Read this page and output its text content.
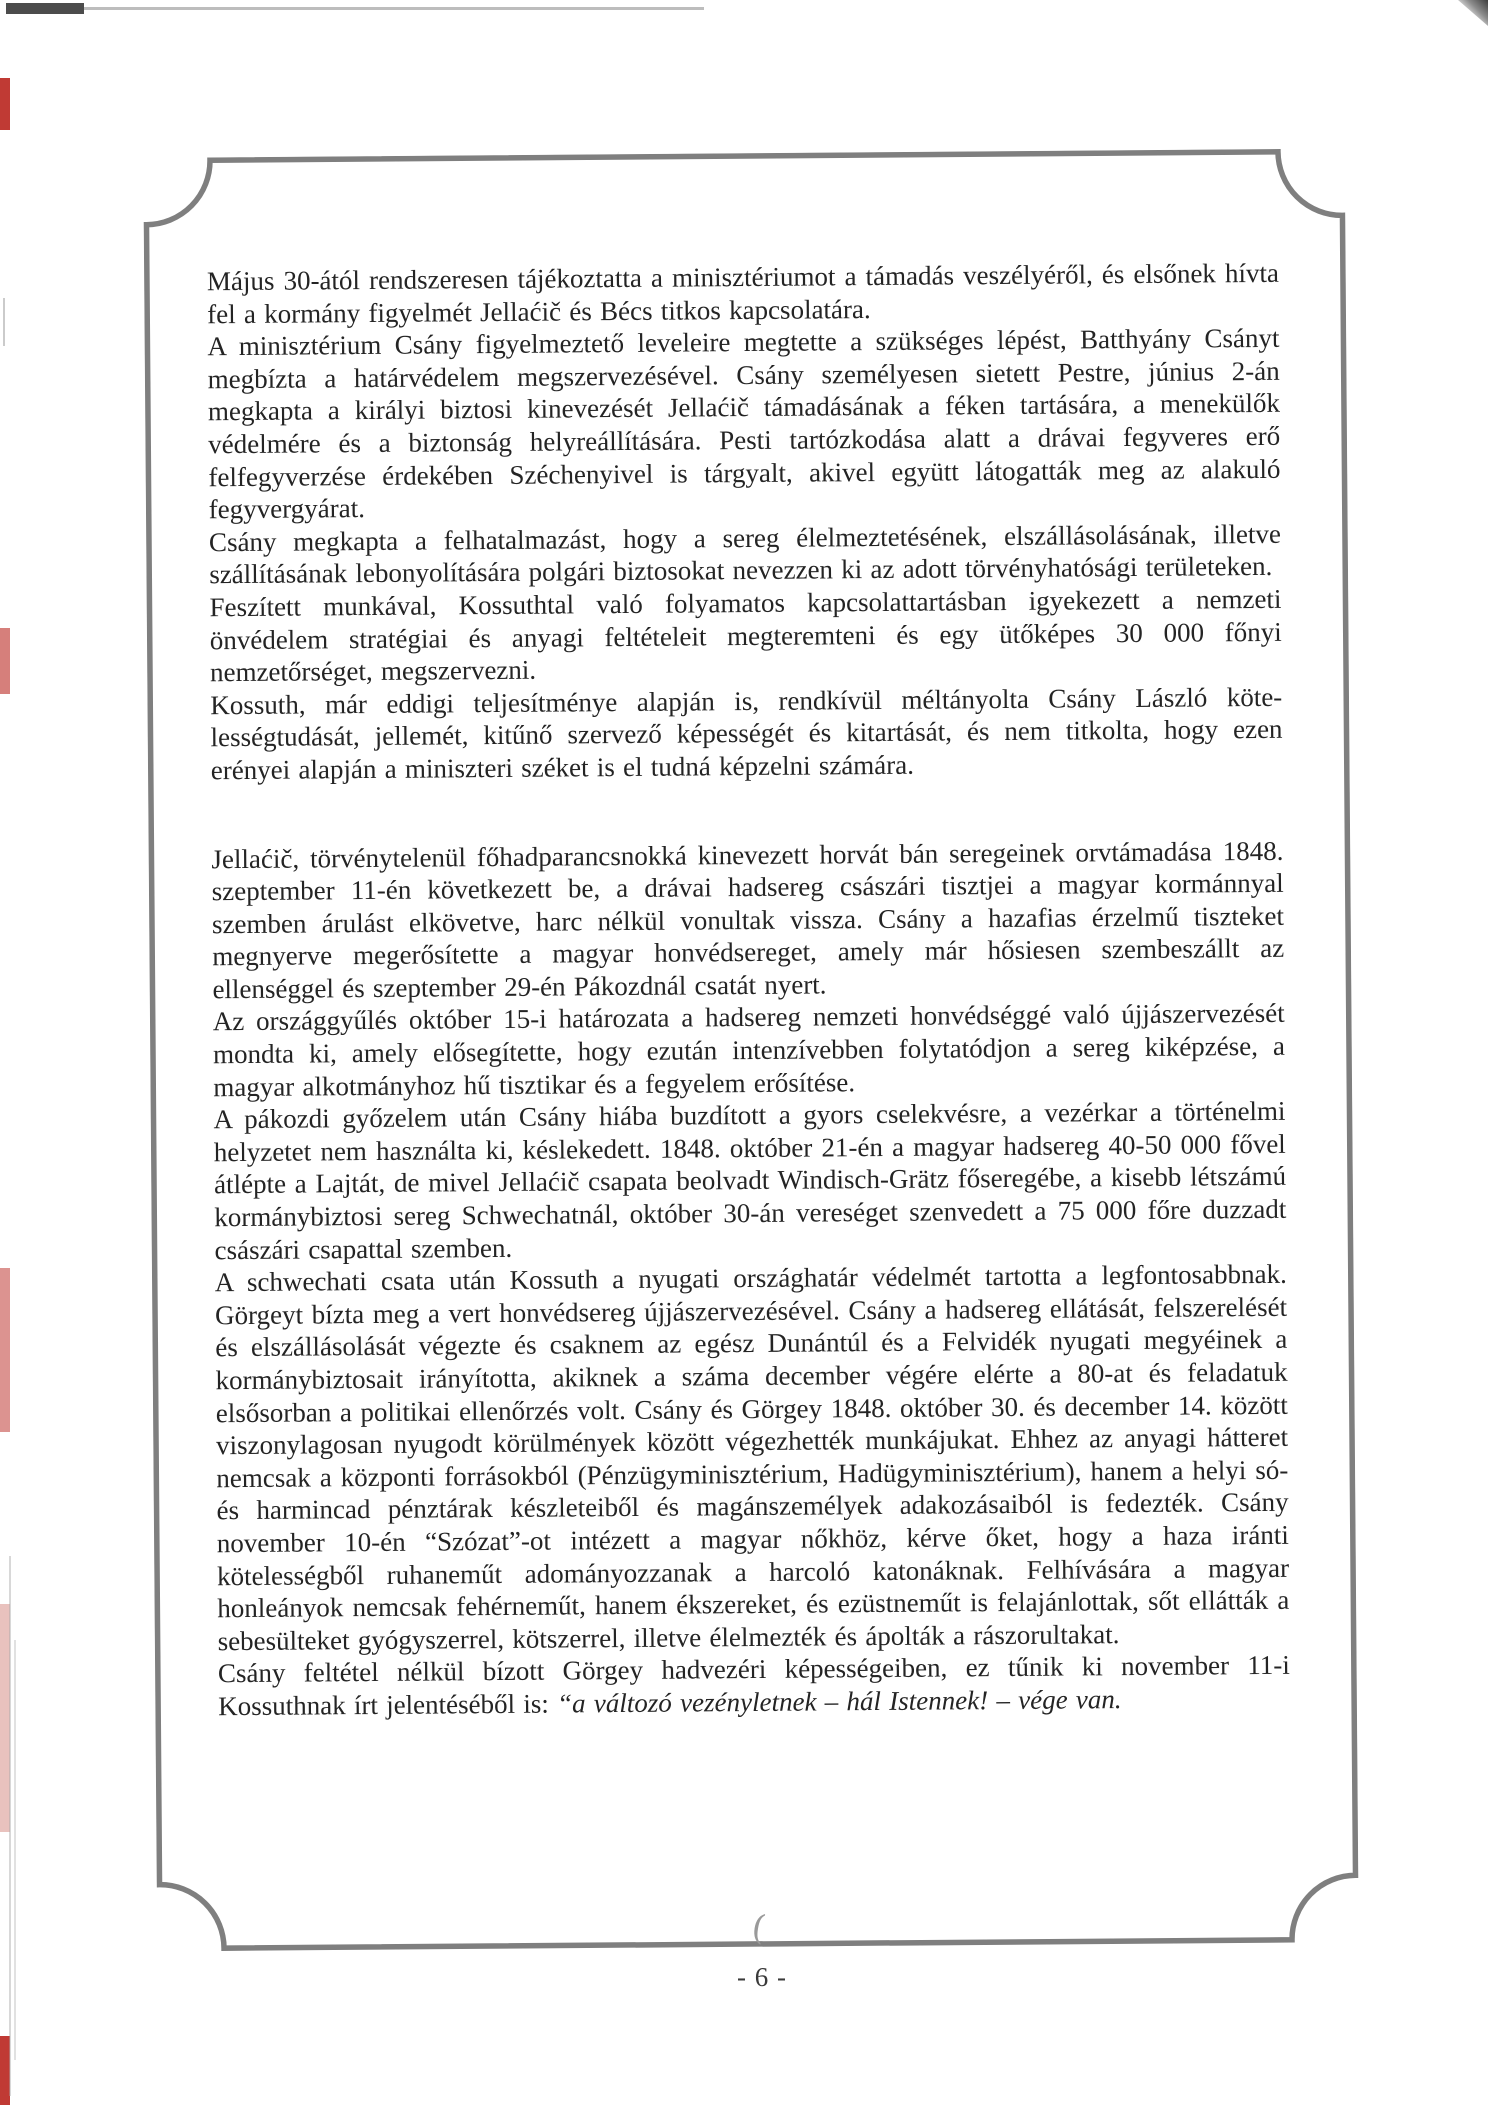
Május 30-ától rendszeresen tájékoztatta a minisztériumot a támadás veszélyéről, és elsőnek hívta fel a kormány figyelmét Jellaćič és Bécs titkos kapcsolatára.

A minisztérium Csány figyelmeztető leveleire megtette a szükséges lépést, Batthyány Csányt megbízta a határvédelem megszervezésével. Csány személyesen sietett Pestre, június 2-án megkapta a királyi biztosi kinevezését Jellaćič támadásának a féken tartására, a menekülők védelmére és a biztonság helyreállítására. Pesti tartózkodása alatt a drávai fegyveres erő felfegyverzése érdekében Széchenyivel is tárgyalt, akivel együtt látogatták meg az alakuló fegyvergyárat.

Csány megkapta a felhatalmazást, hogy a sereg élelmeztetésének, elszállásolásának, illetve szállításának lebonyolítására polgári biztosokat nevezzen ki az adott törvényhatósági területeken.

Feszített munkával, Kossuthtal való folyamatos kapcsolattartásban igyekezett a nemzeti önvédelem stratégiai és anyagi feltételeit megteremteni és egy ütőképes 30 000 főnyi nemzetőrséget, megszervezni.

Kossuth, már eddigi teljesítménye alapján is, rendkívül méltányolta Csány László kötelességtudását, jellemét, kitűnő szervező képességét és kitartását, és nem titkolta, hogy ezen erényei alapján a miniszteri széket is el tudná képzelni számára.

Jellaćič, törvénytelenül főhadparancsnokká kinevezett horvát bán seregeinek orvtámadása 1848. szeptember 11-én következett be, a drávai hadsereg császári tisztjei a magyar kormánnyal szemben árulást elkövetve, harc nélkül vonultak vissza. Csány a hazafias érzelmű tiszteket megnyerve megerősítette a magyar honvédsereget, amely már hősiesen szembeszállt az ellenséggel és szeptember 29-én Pákozdnál csatát nyert.

Az országgyűlés október 15-i határozata a hadsereg nemzeti honvédséggé való újjászervezését mondta ki, amely elősegítette, hogy ezután intenzívebben folytatódjon a sereg kiképzése, a magyar alkotmányhoz hű tisztikar és a fegyelem erősítése.

A pákozdi győzelem után Csány hiába buzdított a gyors cselekvésre, a vezérkar a történelmi helyzetet nem használta ki, késlekedett. 1848. október 21-én a magyar hadsereg 40-50 000 fővel átlépte a Lajtát, de mivel Jellaćič csapata beolvadt Windisch-Grätz főseregébe, a kisebb létszámú kormánybiztosi sereg Schwechatnál, október 30-án vereséget szenvedett a 75 000 főre duzzadt császári csapattal szemben.

A schwechati csata után Kossuth a nyugati országhatár védelmét tartotta a legfontosabbnak. Görgeyt bízta meg a vert honvédsereg újjászervezésével. Csány a hadsereg ellátását, felszerelését és elszállásolását végezte és csaknem az egész Dunántúl és a Felvidék nyugati megyéinek a kormánybiztosait irányította, akiknek a száma december végére elérte a 80-at és feladatuk elsősorban a politikai ellenőrzés volt. Csány és Görgey 1848. október 30. és december 14. között viszonylagosan nyugodt körülmények között végezhették munkájukat. Ehhez az anyagi hátteret nemcsak a központi forrásokból (Pénzügyminisztérium, Hadügyminisztérium), hanem a helyi só- és harmincad pénztárak készleteiből és magánszemélyek adakozásaiból is fedezték. Csány november 10-én “Szózat”-ot intézett a magyar nőkhöz, kérve őket, hogy a haza iránti kötelességből ruhaneműt adományozzanak a harcoló katonáknak. Felhívására a magyar honleányok nemcsak fehérneműt, hanem ékszereket, és ezüstneműt is felajánlottak, sőt ellátták a sebesülteket gyógyszerrel, kötszerrel, illetve élelmezték és ápolták a rászorultakat.

Csány feltétel nélkül bízott Görgey hadvezéri képességeiben, ez tűnik ki november 11-i Kossuthnak írt jelentéséből is: “a változó vezényletnek – hál Istennek! – vége van.

(
- 6 -
